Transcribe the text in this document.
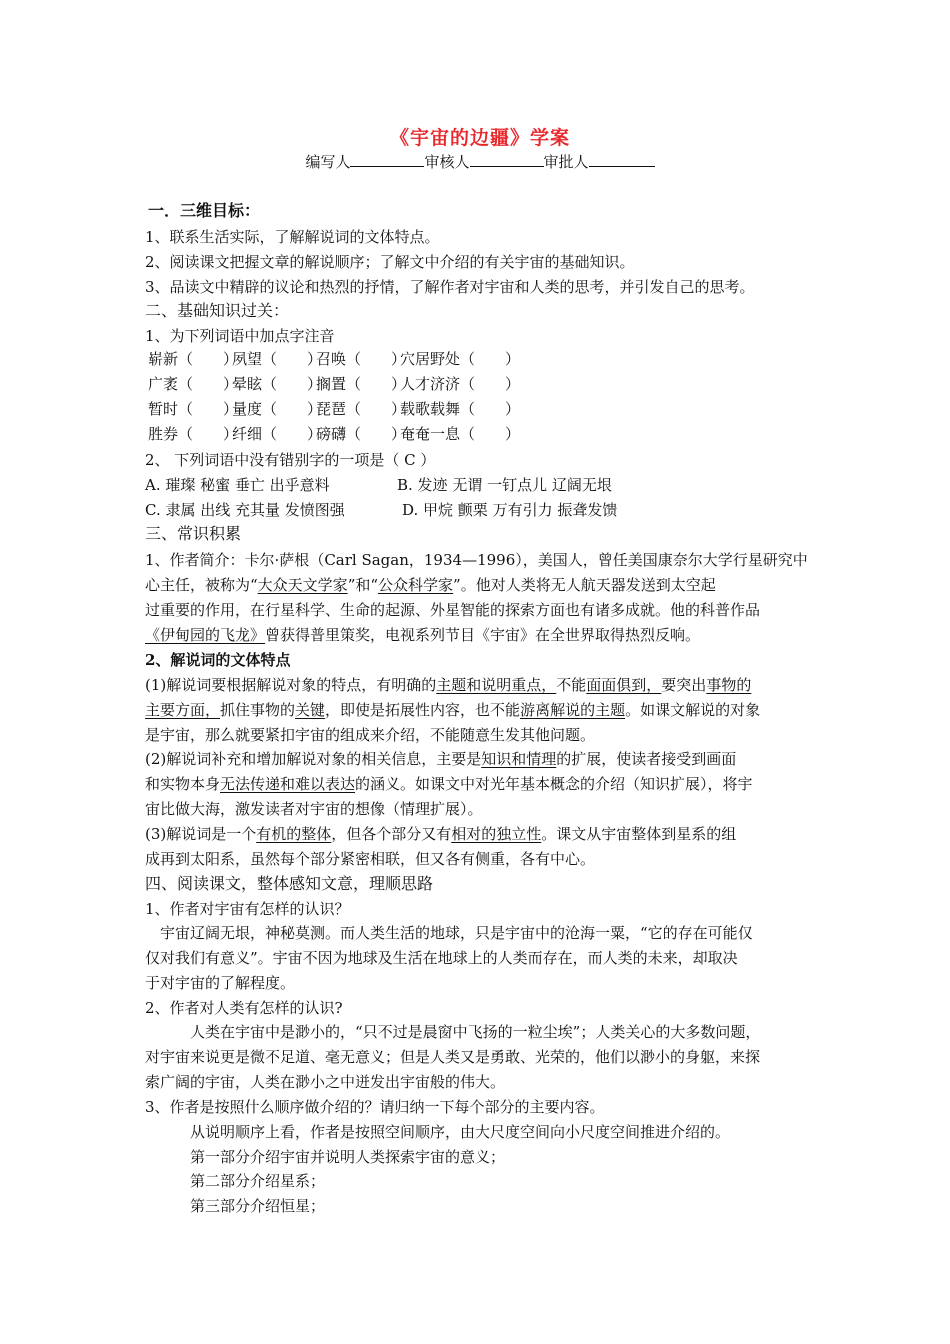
《宇宙的边疆》学案
编写人	审核人	审批人
一．三维目标：
1、联系生活实际，了解解说词的文体特点。
2、阅读课文把握文章的解说顺序；了解文中介绍的有关宇宙的基础知识。
3、品读文中精辟的议论和热烈的抒情，了解作者对宇宙和人类的思考，并引发自己的思考。
二、基础知识过关：
1、为下列词语中加点字注音
崭新（　　）夙望（　　）召唤（　　）穴居野处（　　）
广袤（　　）晕眩（　　）搁置（　　）人才济济（　　）
暂时（　　）量度（　　）琵琶（　　）载歌载舞（　　）
胜券（　　）纤细（　　）磅礴（　　）奄奄一息（　　）
2、 下列词语中没有错别字的一项是（ C ）
A. 璀璨 秘蜜 垂亡 出乎意料	B. 发迹 无谓 一钉点儿 辽阔无垠
C. 隶属 出线 充其量 发愤图强	D. 甲烷 颤栗 万有引力 振聋发馈
三、常识积累
1、作者简介：卡尔·萨根（Carl Sagan，1934—1996），美国人，曾任美国康奈尔大学行星研究中
心主任，被称为“大众天文学家”和“公众科学家”。他对人类将无人航天器发送到太空起
过重要的作用，在行星科学、生命的起源、外星智能的探索方面也有诸多成就。他的科普作品
《伊甸园的飞龙》曾获得普里策奖，电视系列节目《宇宙》在全世界取得热烈反响。
2、解说词的文体特点
(1)解说词要根据解说对象的特点，有明确的主题和说明重点，不能面面俱到，要突出事物的
主要方面，抓住事物的关键，即使是拓展性内容，也不能游离解说的主题。如课文解说的对象
是宇宙，那么就要紧扣宇宙的组成来介绍，不能随意生发其他问题。
(2)解说词补充和增加解说对象的相关信息，主要是知识和情理的扩展，使读者接受到画面
和实物本身无法传递和难以表达的涵义。如课文中对光年基本概念的介绍（知识扩展），将宇
宙比做大海，激发读者对宇宙的想像（情理扩展）。
(3)解说词是一个有机的整体，但各个部分又有相对的独立性。课文从宇宙整体到星系的组
成再到太阳系，虽然每个部分紧密相联，但又各有侧重，各有中心。
四、阅读课文，整体感知文意，理顺思路
1、作者对宇宙有怎样的认识？
　宇宙辽阔无垠，神秘莫测。而人类生活的地球，只是宇宙中的沧海一粟，“它的存在可能仅
仅对我们有意义”。宇宙不因为地球及生活在地球上的人类而存在，而人类的未来，却取决
于对宇宙的了解程度。
2、作者对人类有怎样的认识?
　　　人类在宇宙中是渺小的，“只不过是晨窗中飞扬的一粒尘埃”；人类关心的大多数问题，
对宇宙来说更是微不足道、毫无意义；但是人类又是勇敢、光荣的，他们以渺小的身躯，来探
索广阔的宇宙，人类在渺小之中迸发出宇宙般的伟大。
3、作者是按照什么顺序做介绍的？请归纳一下每个部分的主要内容。
　　　从说明顺序上看，作者是按照空间顺序，由大尺度空间向小尺度空间推进介绍的。
　　　第一部分介绍宇宙并说明人类探索宇宙的意义；
　　　第二部分介绍星系；
　　　第三部分介绍恒星；
